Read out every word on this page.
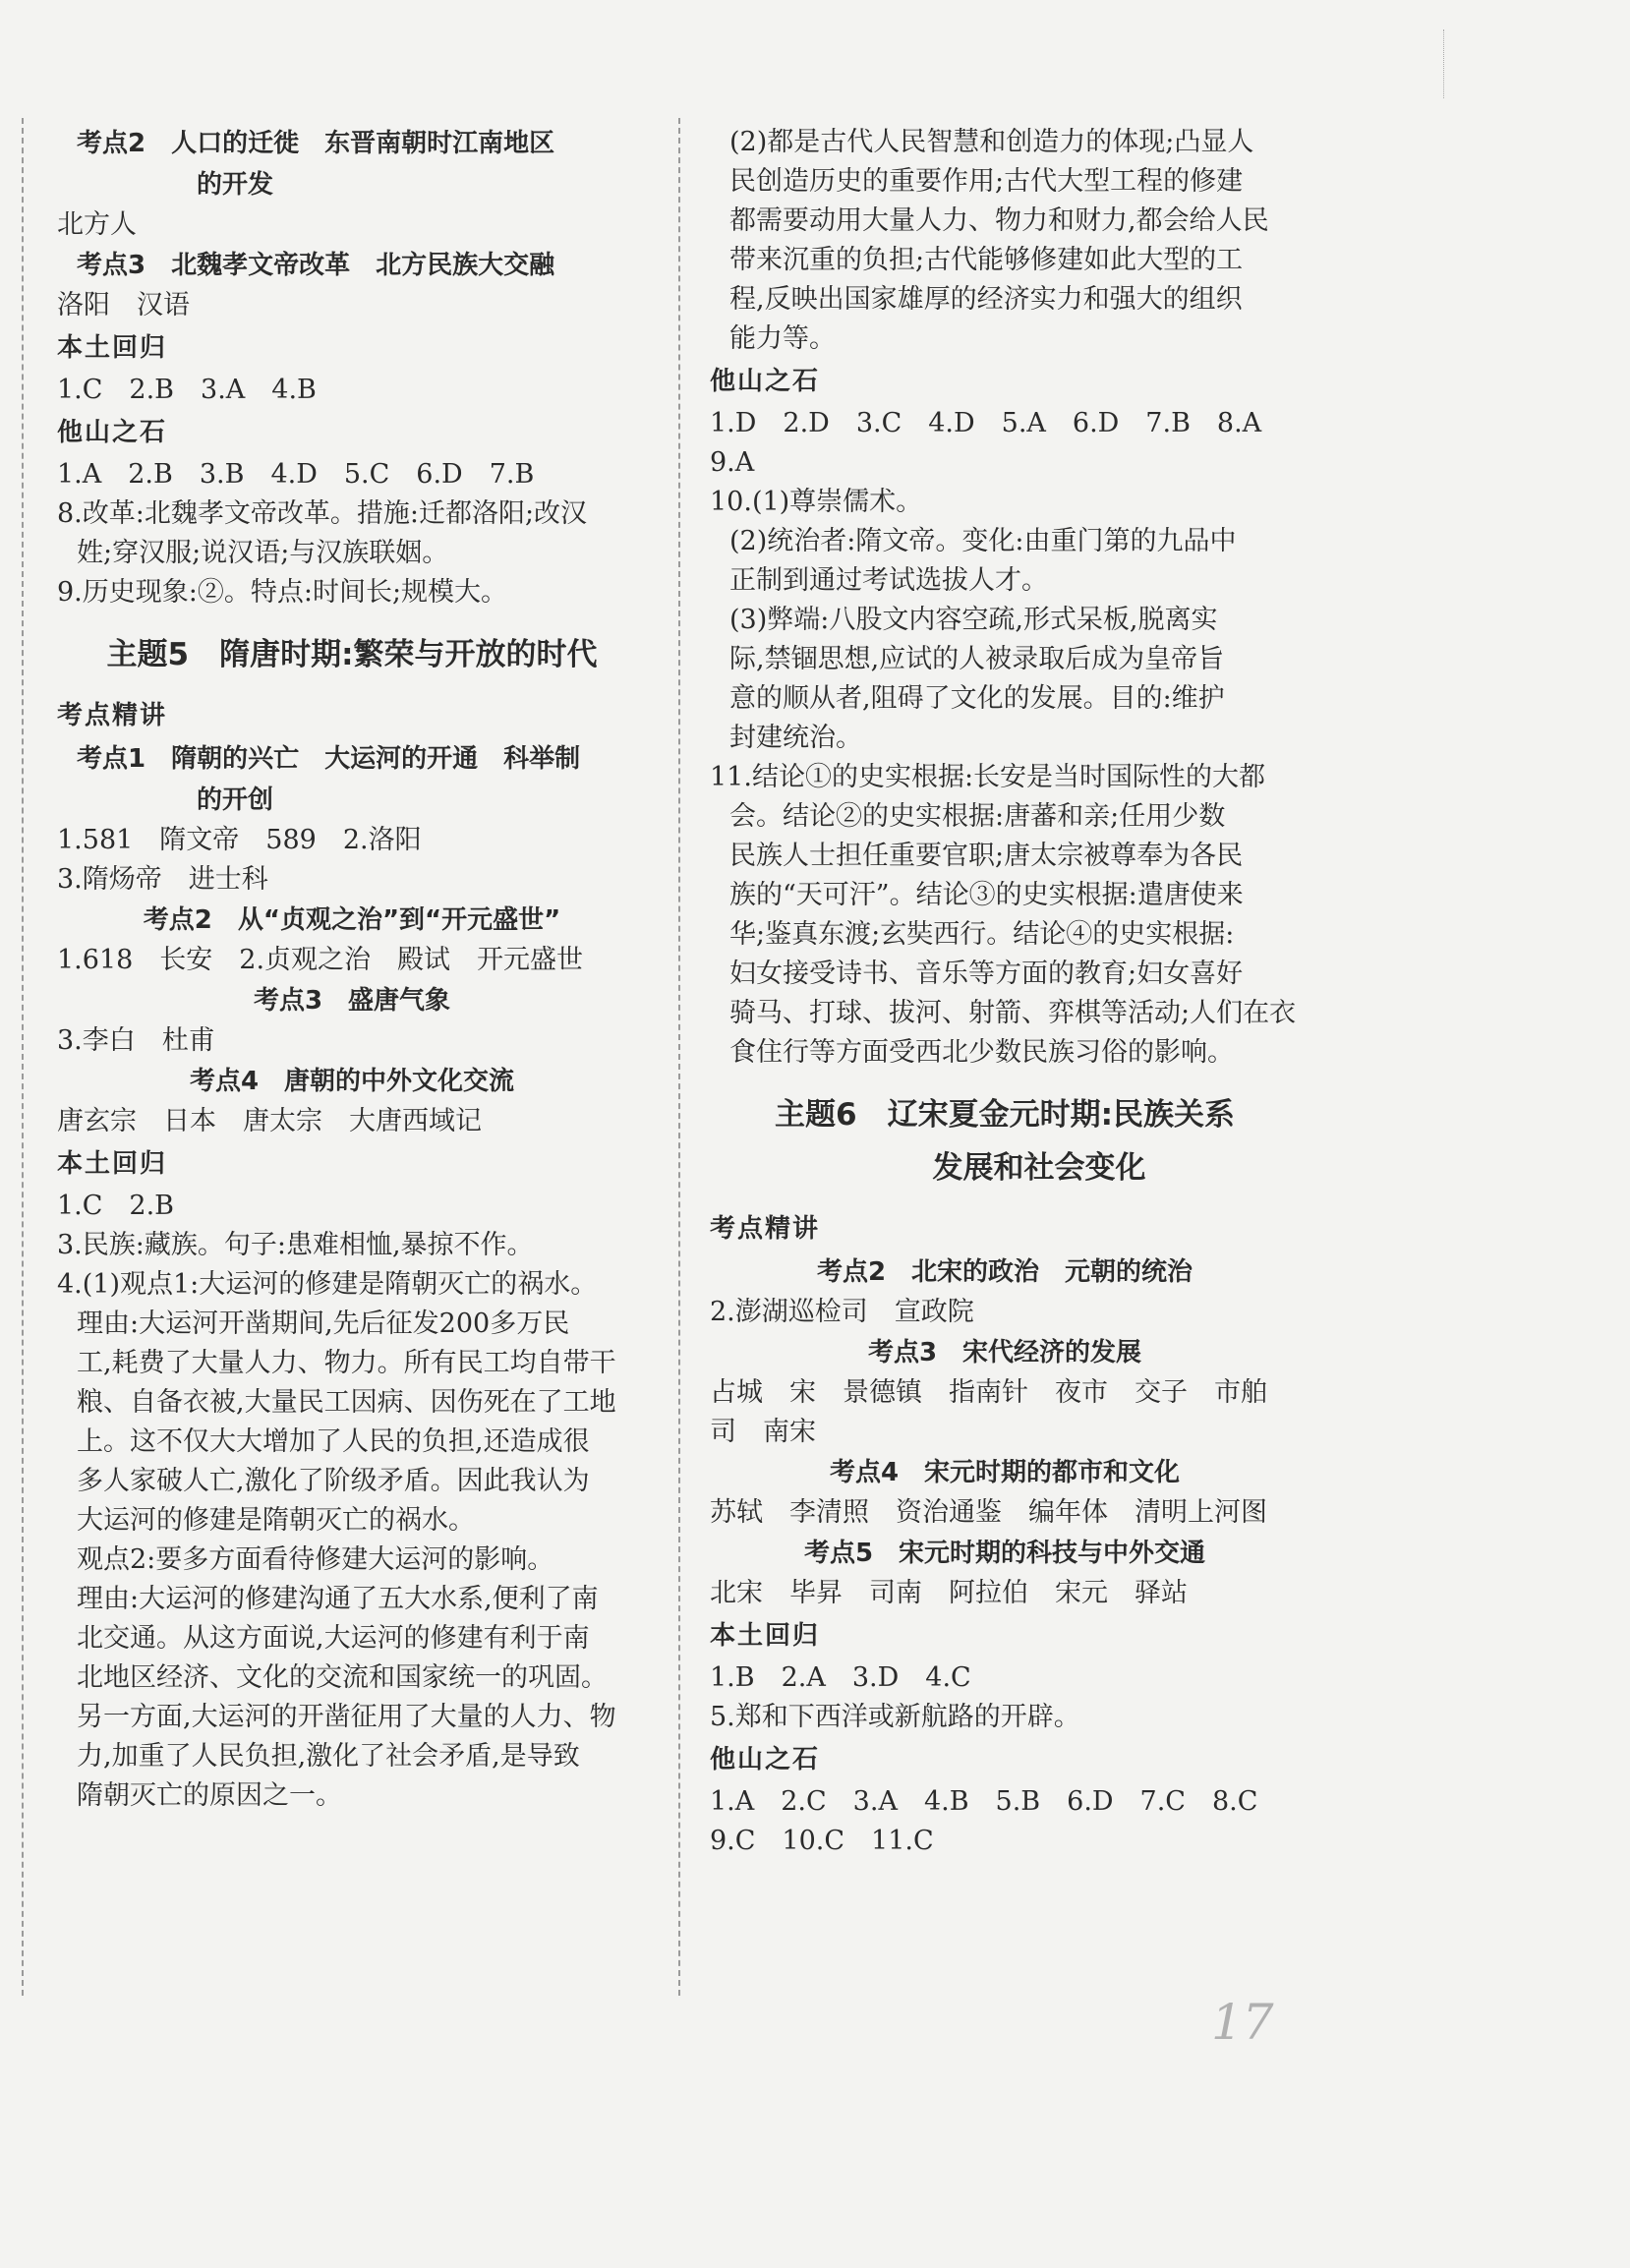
考点2　人口的迁徙　东晋南朝时江南地区
的开发
北方人
考点3　北魏孝文帝改革　北方民族大交融
洛阳　汉语
本土回归
1.C　2.B　3.A　4.B
他山之石
1.A　2.B　3.B　4.D　5.C　6.D　7.B
8.改革:北魏孝文帝改革。措施:迁都洛阳;改汉
姓;穿汉服;说汉语;与汉族联姻。
9.历史现象:②。特点:时间长;规模大。
主题5　隋唐时期:繁荣与开放的时代
考点精讲
考点1　隋朝的兴亡　大运河的开通　科举制
的开创
1.581　隋文帝　589　2.洛阳
3.隋炀帝　进士科
考点2　从“贞观之治”到“开元盛世”
1.618　长安　2.贞观之治　殿试　开元盛世
考点3　盛唐气象
3.李白　杜甫
考点4　唐朝的中外文化交流
唐玄宗　日本　唐太宗　大唐西域记
本土回归
1.C　2.B
3.民族:藏族。句子:患难相恤,暴掠不作。
4.(1)观点1:大运河的修建是隋朝灭亡的祸水。
理由:大运河开凿期间,先后征发200多万民
工,耗费了大量人力、物力。所有民工均自带干
粮、自备衣被,大量民工因病、因伤死在了工地
上。这不仅大大增加了人民的负担,还造成很
多人家破人亡,激化了阶级矛盾。因此我认为
大运河的修建是隋朝灭亡的祸水。
观点2:要多方面看待修建大运河的影响。
理由:大运河的修建沟通了五大水系,便利了南
北交通。从这方面说,大运河的修建有利于南
北地区经济、文化的交流和国家统一的巩固。
另一方面,大运河的开凿征用了大量的人力、物
力,加重了人民负担,激化了社会矛盾,是导致
隋朝灭亡的原因之一。
(2)都是古代人民智慧和创造力的体现;凸显人
民创造历史的重要作用;古代大型工程的修建
都需要动用大量人力、物力和财力,都会给人民
带来沉重的负担;古代能够修建如此大型的工
程,反映出国家雄厚的经济实力和强大的组织
能力等。
他山之石
1.D　2.D　3.C　4.D　5.A　6.D　7.B　8.A
9.A
10.(1)尊崇儒术。
(2)统治者:隋文帝。变化:由重门第的九品中
正制到通过考试选拔人才。
(3)弊端:八股文内容空疏,形式呆板,脱离实
际,禁锢思想,应试的人被录取后成为皇帝旨
意的顺从者,阻碍了文化的发展。目的:维护
封建统治。
11.结论①的史实根据:长安是当时国际性的大都
会。结论②的史实根据:唐蕃和亲;任用少数
民族人士担任重要官职;唐太宗被尊奉为各民
族的“天可汗”。结论③的史实根据:遣唐使来
华;鉴真东渡;玄奘西行。结论④的史实根据:
妇女接受诗书、音乐等方面的教育;妇女喜好
骑马、打球、拔河、射箭、弈棋等活动;人们在衣
食住行等方面受西北少数民族习俗的影响。
主题6　辽宋夏金元时期:民族关系
发展和社会变化
考点精讲
考点2　北宋的政治　元朝的统治
2.澎湖巡检司　宣政院
考点3　宋代经济的发展
占城　宋　景德镇　指南针　夜市　交子　市舶
司　南宋
考点4　宋元时期的都市和文化
苏轼　李清照　资治通鉴　编年体　清明上河图
考点5　宋元时期的科技与中外交通
北宋　毕昇　司南　阿拉伯　宋元　驿站
本土回归
1.B　2.A　3.D　4.C
5.郑和下西洋或新航路的开辟。
他山之石
1.A　2.C　3.A　4.B　5.B　6.D　7.C　8.C
9.C　10.C　11.C
17
